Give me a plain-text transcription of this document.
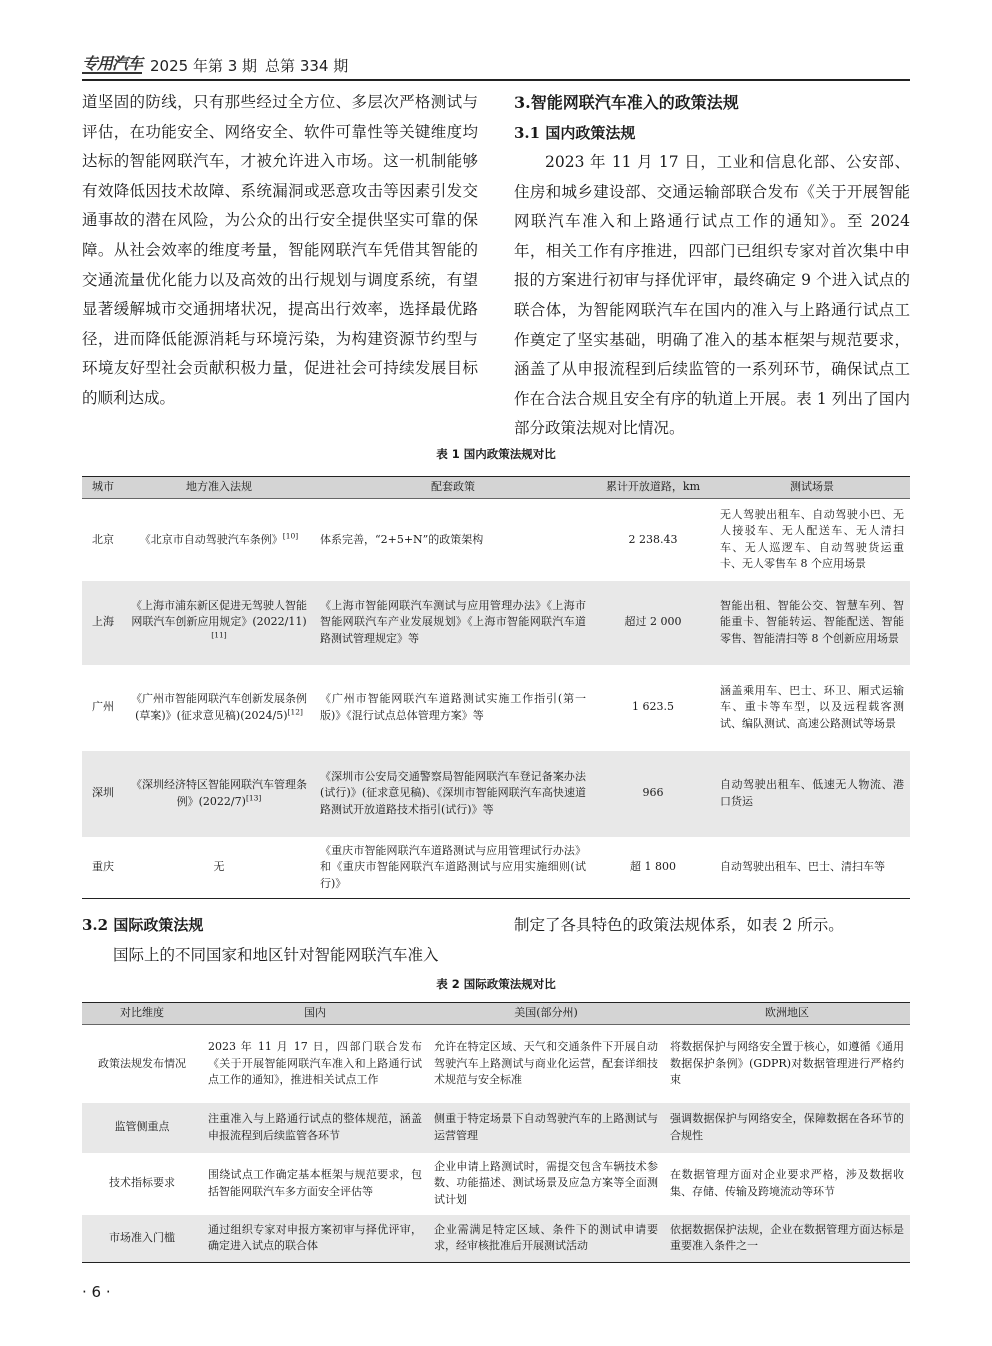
专用汽车 2025 年第 3 期 总第 334 期

道坚固的防线，只有那些经过全方位、多层次严格测试与评估，在功能安全、网络安全、软件可靠性等关键维度均达标的智能网联汽车，才被允许进入市场。这一机制能够有效降低因技术故障、系统漏洞或恶意攻击等因素引发交通事故的潜在风险，为公众的出行安全提供坚实可靠的保障。从社会效率的维度考量，智能网联汽车凭借其智能的交通流量优化能力以及高效的出行规划与调度系统，有望显著缓解城市交通拥堵状况，提高出行效率，选择最优路径，进而降低能源消耗与环境污染，为构建资源节约型与环境友好型社会贡献积极力量，促进社会可持续发展目标的顺利达成。

3.智能网联汽车准入的政策法规
3.1 国内政策法规

2023 年 11 月 17 日，工业和信息化部、公安部、住房和城乡建设部、交通运输部联合发布《关于开展智能网联汽车准入和上路通行试点工作的通知》。至 2024 年，相关工作有序推进，四部门已组织专家对首次集中申报的方案进行初审与择优评审，最终确定 9 个进入试点的联合体，为智能网联汽车在国内的准入与上路通行试点工作奠定了坚实基础，明确了准入的基本框架与规范要求，涵盖了从申报流程到后续监管的一系列环节，确保试点工作在合法合规且安全有序的轨道上开展。表 1 列出了国内部分政策法规对比情况。

表 1 国内政策法规对比
城市	地方准入法规	配套政策	累计开放道路，km	测试场景
北京	《北京市自动驾驶汽车条例》[10]	体系完善，“2+5+N”的政策架构	2 238.43	无人驾驶出租车、自动驾驶小巴、无人接驳车、无人配送车、无人清扫车、无人巡逻车、自动驾驶货运重卡、无人零售车 8 个应用场景
上海	《上海市浦东新区促进无驾驶人智能网联汽车创新应用规定》(2022/11)[11]	《上海市智能网联汽车测试与应用管理办法》《上海市智能网联汽车产业发展规划》《上海市智能网联汽车道路测试管理规定》等	超过 2 000	智能出租、智能公交、智慧车列、智能重卡、智能转运、智能配送、智能零售、智能清扫等 8 个创新应用场景
广州	《广州市智能网联汽车创新发展条例(草案)》(征求意见稿)(2024/5)[12]	《广州市智能网联汽车道路测试实施工作指引(第一版)》《混行试点总体管理方案》等	1 623.5	涵盖乘用车、巴士、环卫、厢式运输车、重卡等车型，以及远程载客测试、编队测试、高速公路测试等场景
深圳	《深圳经济特区智能网联汽车管理条例》(2022/7)[13]	《深圳市公安局交通警察局智能网联汽车登记备案办法(试行)》(征求意见稿)、《深圳市智能网联汽车高快速道路测试开放道路技术指引(试行)》等	966	自动驾驶出租车、低速无人物流、港口货运
重庆	无	《重庆市智能网联汽车道路测试与应用管理试行办法》和《重庆市智能网联汽车道路测试与应用实施细则(试行)》	超 1 800	自动驾驶出租车、巴士、清扫车等
3.2 国际政策法规
国际上的不同国家和地区针对智能网联汽车准入
制定了各具特色的政策法规体系，如表 2 所示。
表 2 国际政策法规对比
对比维度	国内	美国(部分州)	欧洲地区
政策法规发布情况	2023 年 11 月 17 日，四部门联合发布《关于开展智能网联汽车准入和上路通行试点工作的通知》，推进相关试点工作	允许在特定区域、天气和交通条件下开展自动驾驶汽车上路测试与商业化运营，配套详细技术规范与安全标准	将数据保护与网络安全置于核心，如遵循《通用数据保护条例》(GDPR)对数据管理进行严格约束
监管侧重点	注重准入与上路通行试点的整体规范，涵盖申报流程到后续监管各环节	侧重于特定场景下自动驾驶汽车的上路测试与运营管理	强调数据保护与网络安全，保障数据在各环节的合规性
技术指标要求	围绕试点工作确定基本框架与规范要求，包括智能网联汽车多方面安全评估等	企业申请上路测试时，需提交包含车辆技术参数、功能描述、测试场景及应急方案等全面测试计划	在数据管理方面对企业要求严格，涉及数据收集、存储、传输及跨境流动等环节
市场准入门槛	通过组织专家对申报方案初审与择优评审，确定进入试点的联合体	企业需满足特定区域、条件下的测试申请要求，经审核批准后开展测试活动	依据数据保护法规，企业在数据管理方面达标是重要准入条件之一
· 6 ·
